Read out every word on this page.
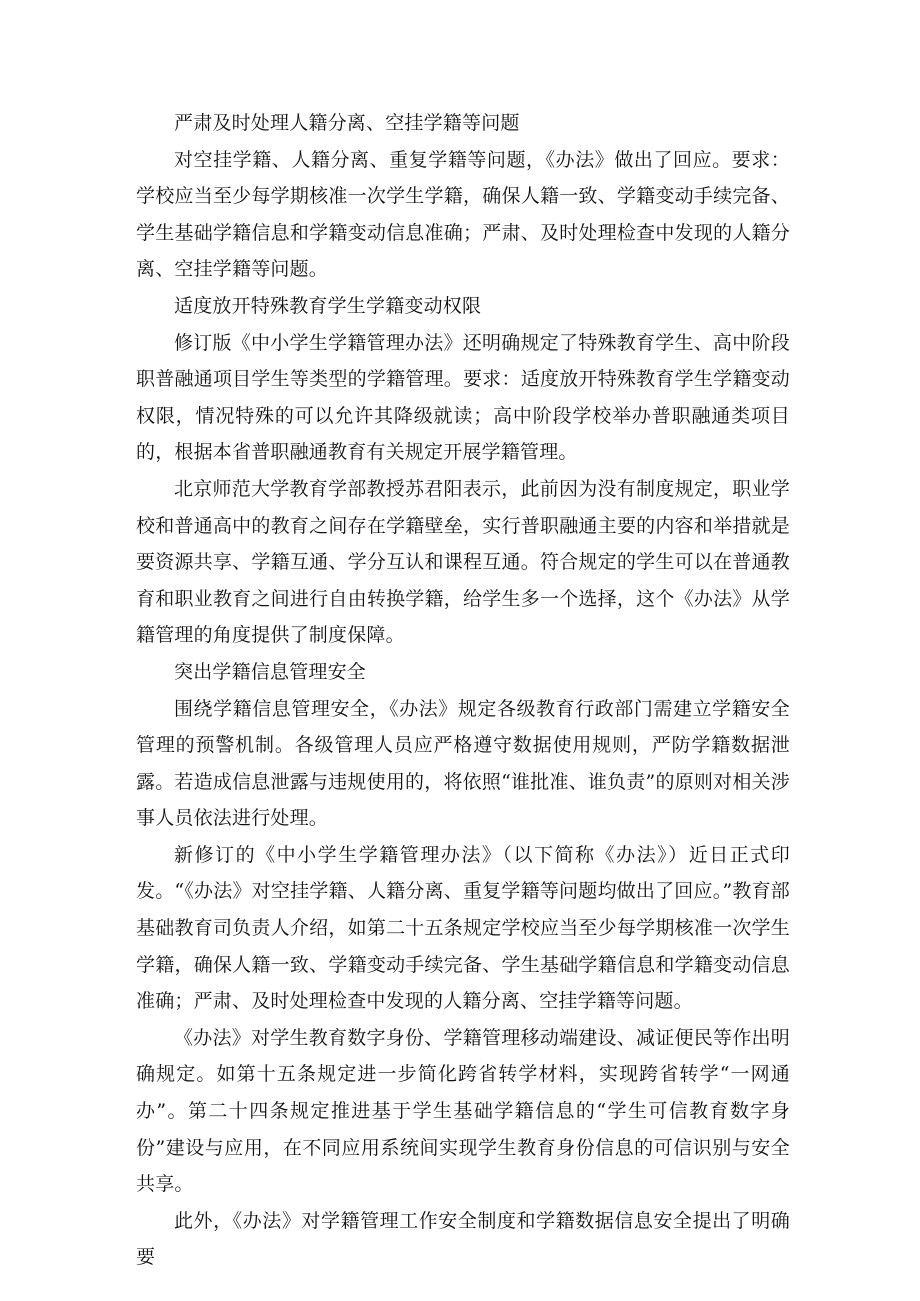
严肃及时处理人籍分离、空挂学籍等问题

对空挂学籍、人籍分离、重复学籍等问题，《办法》做出了回应。要求：学校应当至少每学期核准一次学生学籍，确保人籍一致、学籍变动手续完备、学生基础学籍信息和学籍变动信息准确；严肃、及时处理检查中发现的人籍分离、空挂学籍等问题。

适度放开特殊教育学生学籍变动权限

修订版《中小学生学籍管理办法》还明确规定了特殊教育学生、高中阶段职普融通项目学生等类型的学籍管理。要求：适度放开特殊教育学生学籍变动权限，情况特殊的可以允许其降级就读；高中阶段学校举办普职融通类项目的，根据本省普职融通教育有关规定开展学籍管理。

北京师范大学教育学部教授苏君阳表示，此前因为没有制度规定，职业学校和普通高中的教育之间存在学籍壁垒，实行普职融通主要的内容和举措就是要资源共享、学籍互通、学分互认和课程互通。符合规定的学生可以在普通教育和职业教育之间进行自由转换学籍，给学生多一个选择，这个《办法》从学籍管理的角度提供了制度保障。

突出学籍信息管理安全

围绕学籍信息管理安全，《办法》规定各级教育行政部门需建立学籍安全管理的预警机制。各级管理人员应严格遵守数据使用规则，严防学籍数据泄露。若造成信息泄露与违规使用的，将依照“谁批准、谁负责”的原则对相关涉事人员依法进行处理。

新修订的《中小学生学籍管理办法》（以下简称《办法》）近日正式印发。“《办法》对空挂学籍、人籍分离、重复学籍等问题均做出了回应。”教育部基础教育司负责人介绍，如第二十五条规定学校应当至少每学期核准一次学生学籍，确保人籍一致、学籍变动手续完备、学生基础学籍信息和学籍变动信息准确；严肃、及时处理检查中发现的人籍分离、空挂学籍等问题。

《办法》对学生教育数字身份、学籍管理移动端建设、减证便民等作出明确规定。如第十五条规定进一步简化跨省转学材料，实现跨省转学“一网通办”。第二十四条规定推进基于学生基础学籍信息的“学生可信教育数字身份”建设与应用，在不同应用系统间实现学生教育身份信息的可信识别与安全共享。

此外，《办法》对学籍管理工作安全制度和学籍数据信息安全提出了明确要
